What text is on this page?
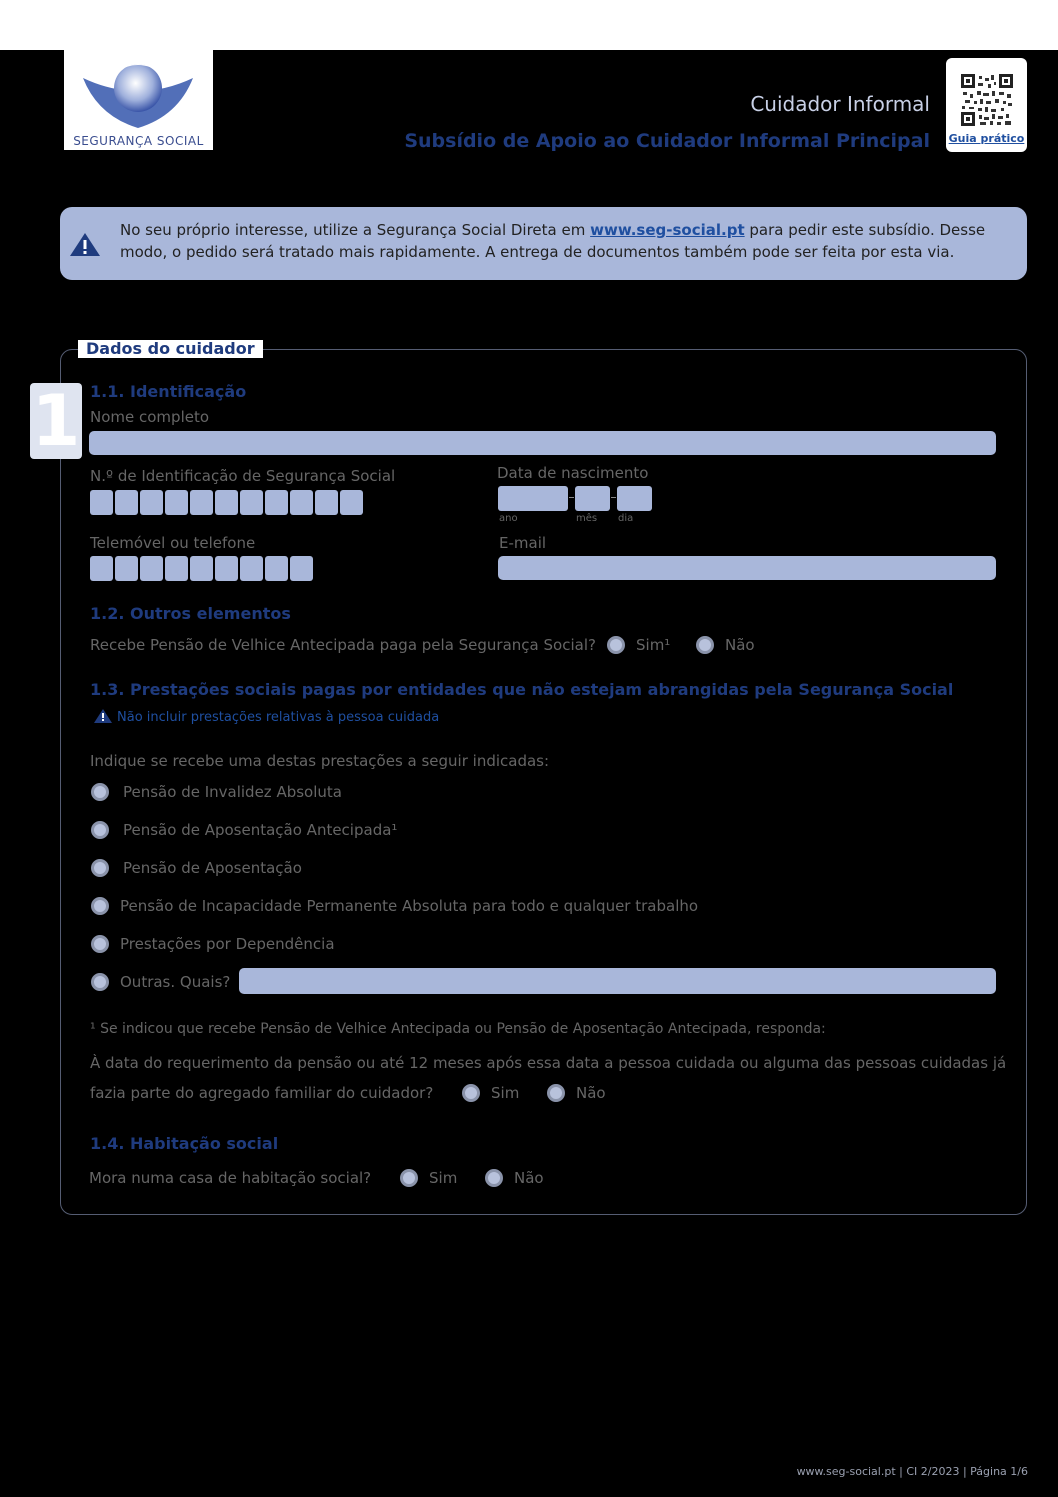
SEGURANÇA SOCIAL
Cuidador Informal
Subsídio de Apoio ao Cuidador Informal Principal Guia prático
No seu próprio interesse, utilize a Segurança Social Direta em www.seg-social.pt para pedir este subsídio. Desse modo, o pedido será tratado mais rapidamente. A entrega de documentos também pode ser feita por esta via.
Dados do cuidador
1 1.1. Identificação
Nome completo
N.º de Identificação de Segurança Social	Data de nascimento
ano	mês dia
Telemóvel ou telefone	E-mail
1.2. Outros elementos
Recebe Pensão de Velhice Antecipada paga pela Segurança Social?	Sim¹	Não
1.3. Prestações sociais pagas por entidades que não estejam abrangidas pela Segurança Social
Não incluir prestações relativas à pessoa cuidada
Indique se recebe uma destas prestações a seguir indicadas:
Pensão de Invalidez Absoluta
Pensão de Aposentação Antecipada¹
Pensão de Aposentação
Pensão de Incapacidade Permanente Absoluta para todo e qualquer trabalho
Prestações por Dependência
Outras. Quais?
¹ Se indicou que recebe Pensão de Velhice Antecipada ou Pensão de Aposentação Antecipada, responda:
À data do requerimento da pensão ou até 12 meses após essa data a pessoa cuidada ou alguma das pessoas cuidadas já
fazia parte do agregado familiar do cuidador?	Sim	Não
1.4. Habitação social
Mora numa casa de habitação social?	Sim	Não
www.seg-social.pt | CI 2/2023 | Página 1/6
